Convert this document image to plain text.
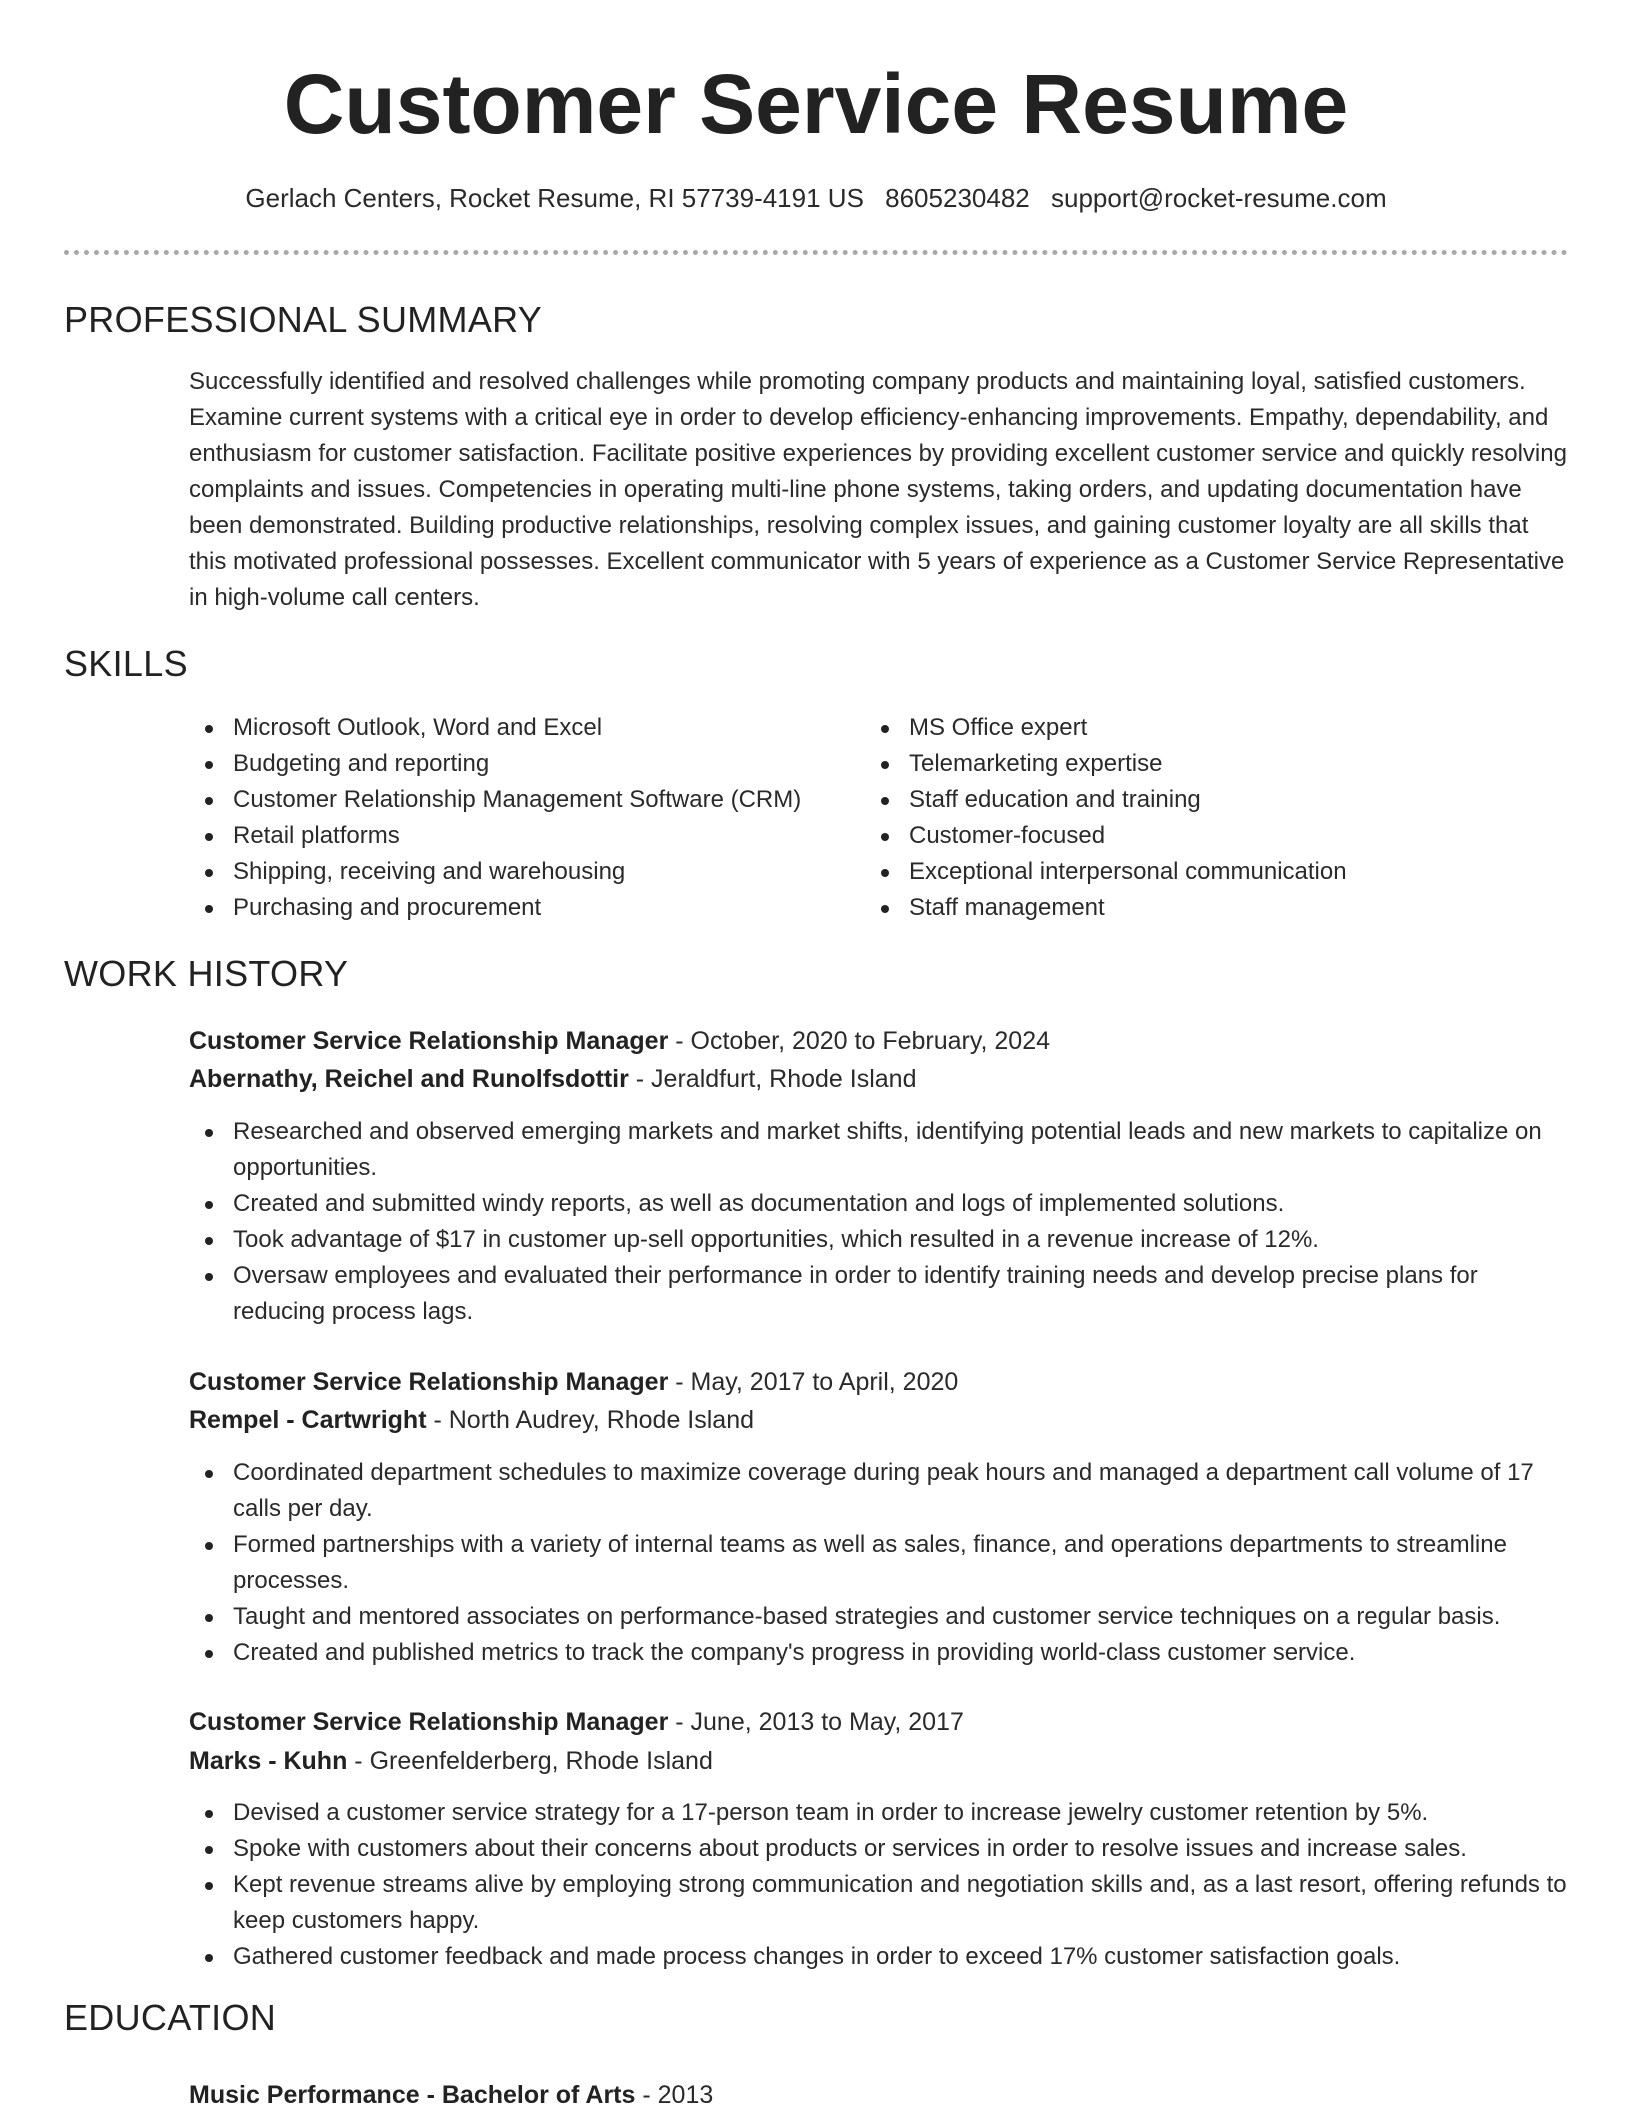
Customer Service Resume
Gerlach Centers, Rocket Resume, RI 57739-4191 US 8605230482 support@rocket-resume.com
PROFESSIONAL SUMMARY
Successfully identified and resolved challenges while promoting company products and maintaining loyal, satisfied customers. Examine current systems with a critical eye in order to develop efficiency-enhancing improvements. Empathy, dependability, and enthusiasm for customer satisfaction. Facilitate positive experiences by providing excellent customer service and quickly resolving complaints and issues. Competencies in operating multi-line phone systems, taking orders, and updating documentation have been demonstrated. Building productive relationships, resolving complex issues, and gaining customer loyalty are all skills that this motivated professional possesses. Excellent communicator with 5 years of experience as a Customer Service Representative in high-volume call centers.
SKILLS
Microsoft Outlook, Word and Excel
Budgeting and reporting
Customer Relationship Management Software (CRM)
Retail platforms
Shipping, receiving and warehousing
Purchasing and procurement
MS Office expert
Telemarketing expertise
Staff education and training
Customer-focused
Exceptional interpersonal communication
Staff management
WORK HISTORY
Customer Service Relationship Manager - October, 2020 to February, 2024
Abernathy, Reichel and Runolfsdottir - Jeraldfurt, Rhode Island
Researched and observed emerging markets and market shifts, identifying potential leads and new markets to capitalize on opportunities.
Created and submitted windy reports, as well as documentation and logs of implemented solutions.
Took advantage of $17 in customer up-sell opportunities, which resulted in a revenue increase of 12%.
Oversaw employees and evaluated their performance in order to identify training needs and develop precise plans for reducing process lags.
Customer Service Relationship Manager - May, 2017 to April, 2020
Rempel - Cartwright - North Audrey, Rhode Island
Coordinated department schedules to maximize coverage during peak hours and managed a department call volume of 17 calls per day.
Formed partnerships with a variety of internal teams as well as sales, finance, and operations departments to streamline processes.
Taught and mentored associates on performance-based strategies and customer service techniques on a regular basis.
Created and published metrics to track the company's progress in providing world-class customer service.
Customer Service Relationship Manager - June, 2013 to May, 2017
Marks - Kuhn - Greenfelderberg, Rhode Island
Devised a customer service strategy for a 17-person team in order to increase jewelry customer retention by 5%.
Spoke with customers about their concerns about products or services in order to resolve issues and increase sales.
Kept revenue streams alive by employing strong communication and negotiation skills and, as a last resort, offering refunds to keep customers happy.
Gathered customer feedback and made process changes in order to exceed 17% customer satisfaction goals.
EDUCATION
Music Performance - Bachelor of Arts - 2013
